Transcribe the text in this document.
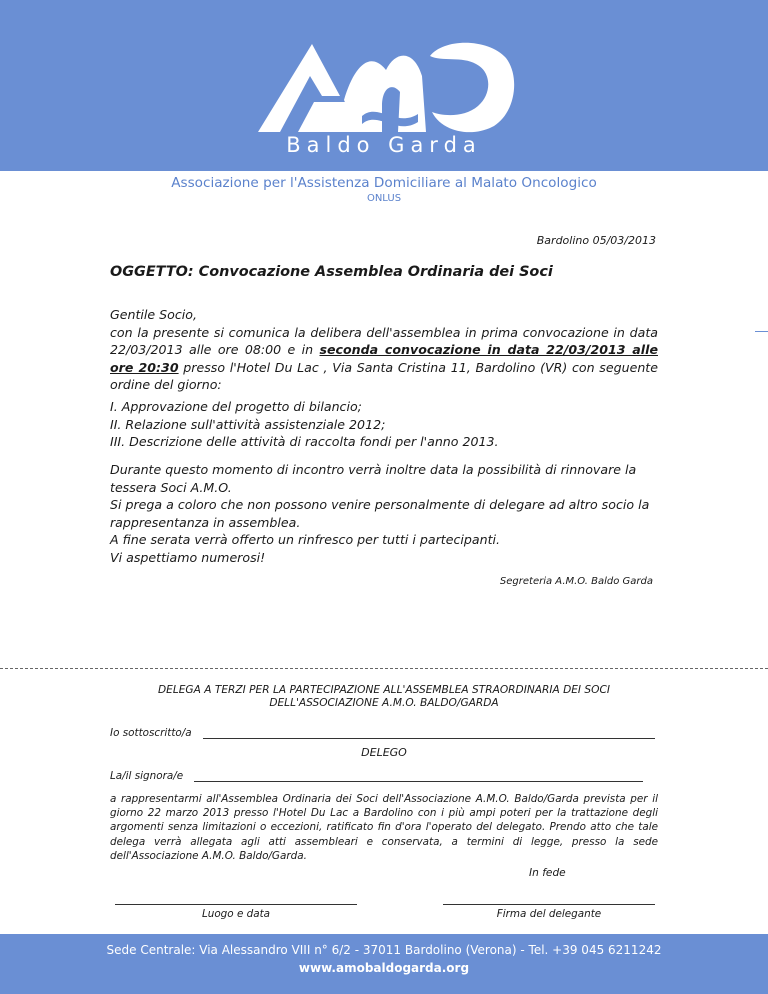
Baldo Garda
Associazione per l'Assistenza Domiciliare al Malato Oncologico
ONLUS
Bardolino 05/03/2013
OGGETTO: Convocazione Assemblea Ordinaria dei Soci
Gentile Socio,
con la presente si comunica la delibera dell'assemblea in prima convocazione in data 22/03/2013 alle ore 08:00 e in seconda convocazione in data 22/03/2013 alle ore 20:30 presso l'Hotel Du Lac , Via Santa Cristina 11, Bardolino (VR) con seguente ordine del giorno:
I. Approvazione del progetto di bilancio;
II. Relazione sull'attività assistenziale 2012;
III. Descrizione delle attività di raccolta fondi per l'anno 2013.
Durante questo momento di incontro verrà inoltre data la possibilità di rinnovare la tessera Soci A.M.O.
Si prega a coloro che non possono venire personalmente di delegare ad altro socio la rappresentanza in assemblea.
A fine serata verrà offerto un rinfresco per tutti i partecipanti.
Vi aspettiamo numerosi!
Segreteria A.M.O. Baldo Garda
DELEGA A TERZI PER LA PARTECIPAZIONE ALL'ASSEMBLEA STRAORDINARIA DEI SOCI
DELL'ASSOCIAZIONE A.M.O. BALDO/GARDA
Io sottoscritto/a
DELEGO
La/il signora/e
a rappresentarmi all'Assemblea Ordinaria dei Soci dell'Associazione A.M.O. Baldo/Garda prevista per il giorno 22 marzo 2013 presso l'Hotel Du Lac a Bardolino con i più ampi poteri per la trattazione degli argomenti senza limitazioni o eccezioni, ratificato fin d'ora l'operato del delegato. Prendo atto che tale delega verrà allegata agli atti assembleari e conservata, a termini di legge, presso la sede dell'Associazione A.M.O. Baldo/Garda.
In fede
Luogo e data	Firma del delegante
Sede Centrale: Via Alessandro VIII n° 6/2 - 37011 Bardolino (Verona) - Tel. +39 045 6211242
www.amobaldogarda.org
